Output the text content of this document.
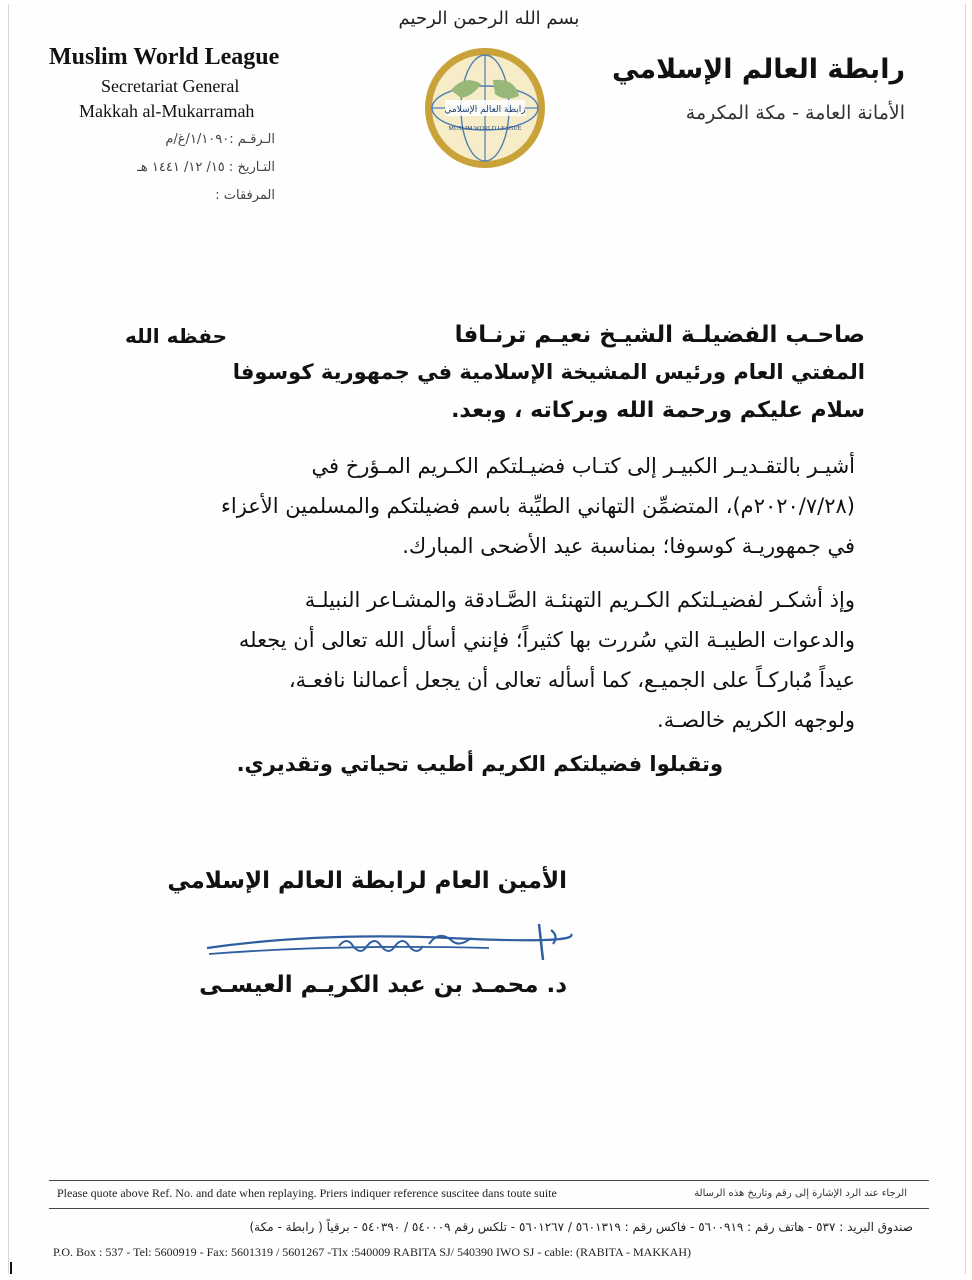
بسم الله الرحمن الرحيم
Muslim World League
Secretariat General
Makkah al-Mukarramah
الـرقـم :١/١٠٩٠/غ/م
التـاريخ : ١٥/ ١٢/ ١٤٤١ هـ
المرفقات :
رابطة العالم الإسلامي
MUSLIM WORLD LEAGUE
رابطة العالم الإسلامي
الأمانة العامة - مكة المكرمة
صاحـب الفضيلـة الشيـخ نعيـم ترنـافا
حفظه الله
المفتي العام ورئيس المشيخة الإسلامية في جمهورية كوسوفا
سلام عليكم ورحمة الله وبركاته ، وبعد.
أشيـر بالتقـديـر الكبيـر إلى كتـاب فضيـلتكم الكـريم المـؤرخ في
(٢٠٢٠/٧/٢٨م)، المتضمِّن التهاني الطيِّبة باسم فضيلتكم والمسلمين الأعزاء
في جمهوريـة كوسوفا؛ بمناسبة عيد الأضحى المبارك.
وإذ أشكـر لفضيـلتكم الكـريم التهنئـة الصَّـادقة والمشـاعر النبيلـة
والدعوات الطيبـة التي سُررت بها كثيراً؛ فإنني أسأل الله تعالى أن يجعله
عيداً مُباركـاً على الجميـع، كما أسأله تعالى أن يجعل أعمالنا نافعـة،
ولوجهه الكريم خالصـة.
وتقبلوا فضيلتكم الكريم أطيب تحياتي وتقديري.
الأمين العام لرابطة العالم الإسلامي
د. محمـد بن عبد الكريـم العيسـى
Please quote above Ref. No. and date when replaying. Priers indiquer reference suscitee dans toute suite	الرجاء عند الرد الإشارة إلى رقم وتاريخ هذه الرسالة
صندوق البريد : ٥٣٧ - هاتف رقم : ٥٦٠٠٩١٩ - فاكس رقم : ٥٦٠١٣١٩ / ٥٦٠١٢٦٧ - تلكس رقم ٥٤٠٠٠٩ / ٥٤٠٣٩٠ - برقياً ( رابطة - مكة)
P.O. Box : 537 - Tel: 5600919 - Fax: 5601319 / 5601267 -Tlx :540009 RABITA SJ/ 540390 IWO SJ - cable: (RABITA - MAKKAH)
